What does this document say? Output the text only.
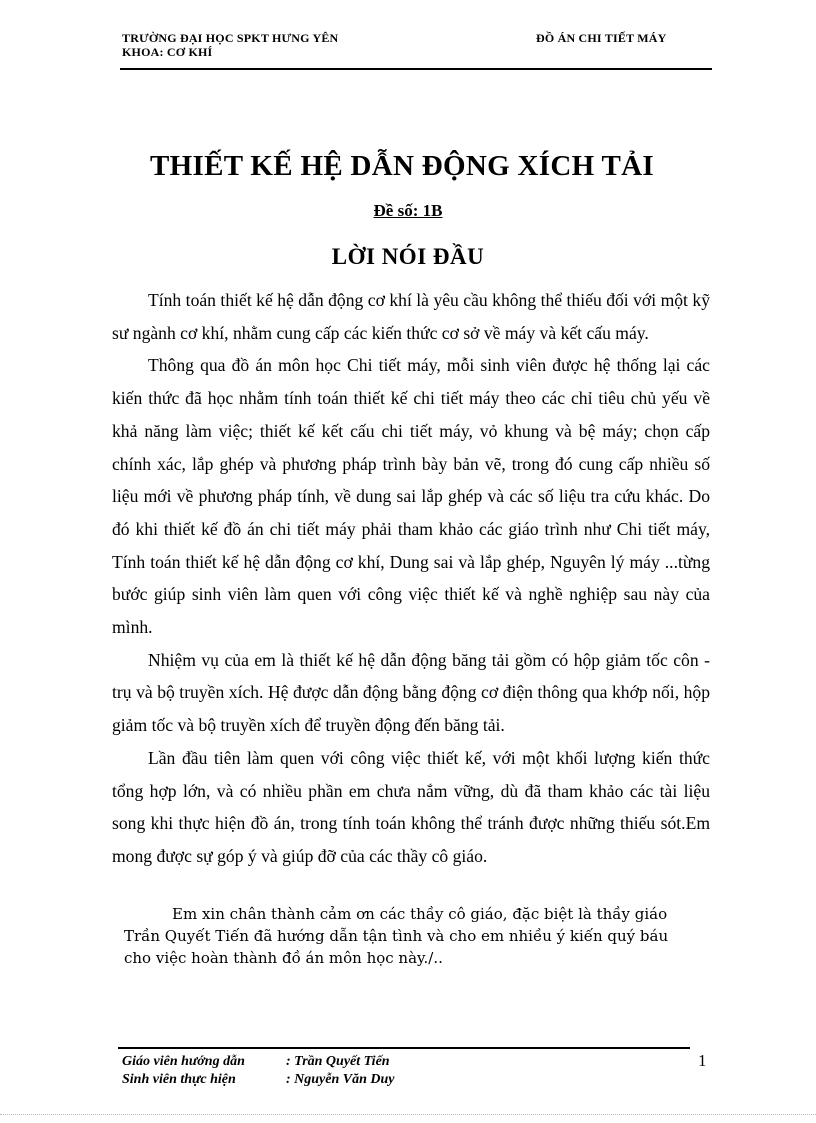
TRƯỜNG ĐẠI HỌC SPKT HƯNG YÊN
KHOA: CƠ KHÍ
ĐỒ ÁN CHI TIẾT MÁY
THIẾT KẾ HỆ DẪN ĐỘNG XÍCH TẢI
Đề số: 1B
LỜI NÓI ĐẦU

Tính toán thiết kế hệ dẫn động cơ khí là yêu cầu không thể thiếu đối với một kỹ sư ngành cơ khí, nhằm cung cấp các kiến thức cơ sở về máy và kết cấu máy.

Thông qua đồ án môn học Chi tiết máy, mỗi sinh viên được hệ thống lại các kiến thức đã học nhằm tính toán thiết kế chi tiết máy theo các chỉ tiêu chủ yếu về khả năng làm việc; thiết kế kết cấu chi tiết máy, vỏ khung và bệ máy; chọn cấp chính xác, lắp ghép và phương pháp trình bày bản vẽ, trong đó cung cấp nhiều số liệu mới về phương pháp tính, về dung sai lắp ghép và các số liệu tra cứu khác. Do đó khi thiết kế đồ án chi tiết máy phải tham khảo các giáo trình như Chi tiết máy, Tính toán thiết kế hệ dẫn động cơ khí, Dung sai và lắp ghép, Nguyên lý máy ...từng bước giúp sinh viên làm quen với công việc thiết kế và nghề nghiệp sau này của mình.

Nhiệm vụ của em là thiết kế hệ dẫn động băng tải gồm có hộp giảm tốc côn - trụ và bộ truyền xích. Hệ được dẫn động bằng động cơ điện thông qua khớp nối, hộp giảm tốc và bộ truyền xích để truyền động đến băng tải.

Lần đầu tiên làm quen với công việc thiết kế, với một khối lượng kiến thức tổng hợp lớn, và có nhiều phần em chưa nắm vững, dù đã tham khảo các tài liệu song khi thực hiện đồ án, trong tính toán không thể tránh được những thiếu sót.Em mong được sự góp ý và giúp đỡ của các thầy cô giáo.

Em xin chân thành cảm ơn các thầy cô giáo, đặc biệt là thầy giáo
Trần Quyết Tiến đã hướng dẫn tận tình và cho em nhiều ý kiến quý báu
cho việc hoàn thành đồ án môn học này./..
Giáo viên hướng dẫn	: Trần Quyết Tiến
Sinh viên thực hiện	: Nguyễn Văn Duy
1
